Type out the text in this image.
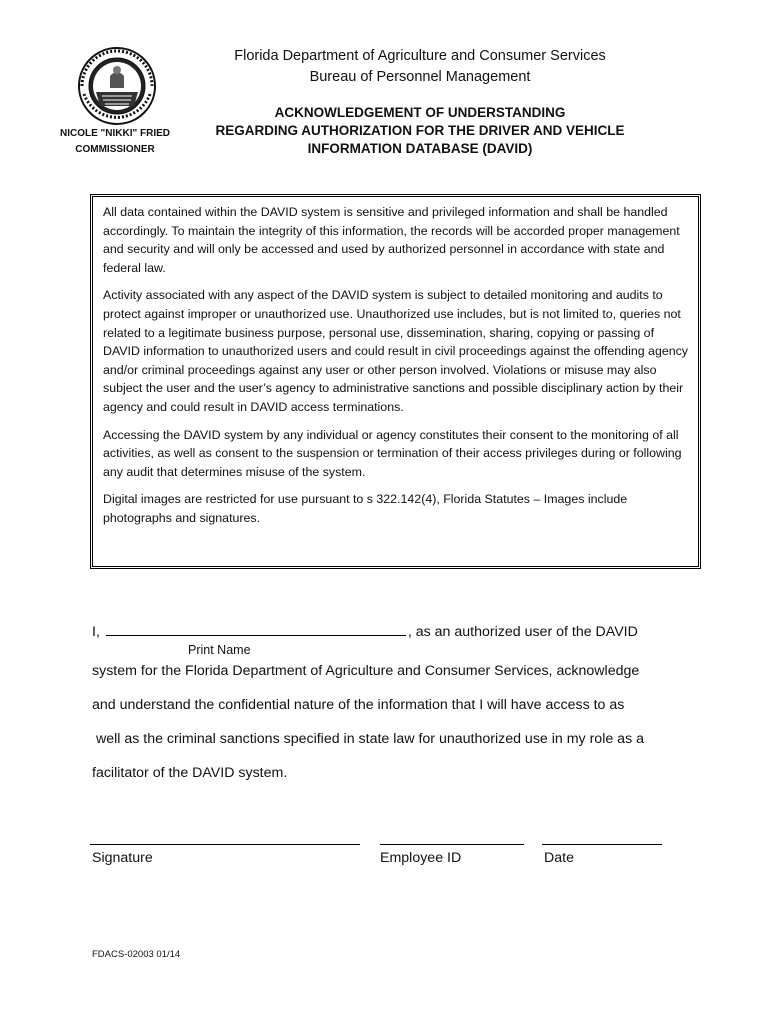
NICOLE "NIKKI" FRIED
COMMISSIONER
Florida Department of Agriculture and Consumer Services
Bureau of Personnel Management
ACKNOWLEDGEMENT OF UNDERSTANDING
REGARDING AUTHORIZATION FOR THE DRIVER AND VEHICLE
INFORMATION DATABASE (DAVID)

All data contained within the DAVID system is sensitive and privileged information and shall be handled accordingly. To maintain the integrity of this information, the records will be accorded proper management and security and will only be accessed and used by authorized personnel in accordance with state and federal law.

Activity associated with any aspect of the DAVID system is subject to detailed monitoring and audits to protect against improper or unauthorized use. Unauthorized use includes, but is not limited to, queries not related to a legitimate business purpose, personal use, dissemination, sharing, copying or passing of DAVID information to unauthorized users and could result in civil proceedings against the offending agency and/or criminal proceedings against any user or other person involved. Violations or misuse may also subject the user and the user’s agency to administrative sanctions and possible disciplinary action by their agency and could result in DAVID access terminations.

Accessing the DAVID system by any individual or agency constitutes their consent to the monitoring of all activities, as well as consent to the suspension or termination of their access privileges during or following any audit that determines misuse of the system.

Digital images are restricted for use pursuant to s 322.142(4), Florida Statutes – Images include photographs and signatures.

I,	, as an authorized user of the DAVID
Print Name
system for the Florida Department of Agriculture and Consumer Services, acknowledge
and understand the confidential nature of the information that I will have access to as
well as the criminal sanctions specified in state law for unauthorized use in my role as a
facilitator of the DAVID system.
Signature	Employee ID	Date
FDACS-02003 01/14
